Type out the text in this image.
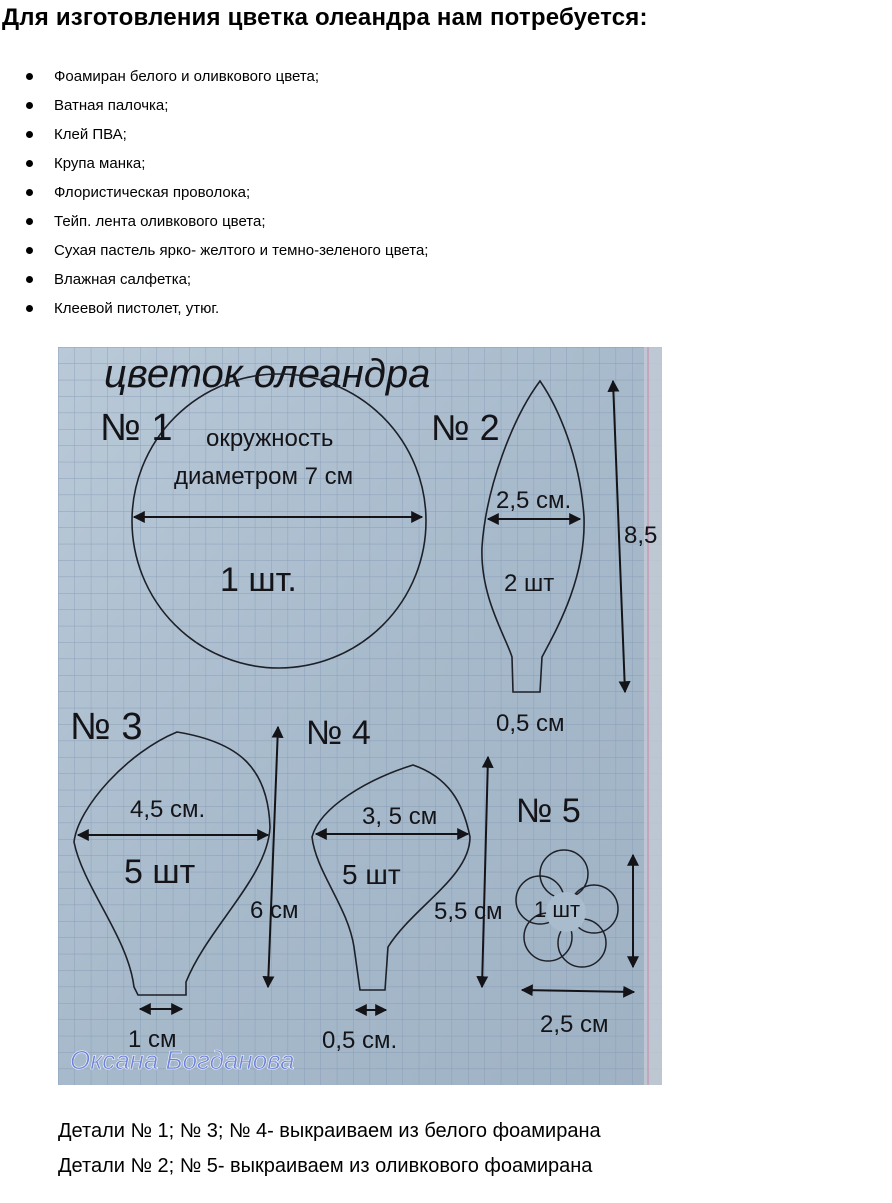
Для изготовления цветка олеандра нам потребуется:
Фоамиран белого и оливкового цвета;
Ватная палочка;
Клей ПВА;
Крупа манка;
Флористическая проволока;
Тейп. лента оливкового цвета;
Сухая пастель ярко- желтого и темно-зеленого цвета;
Влажная салфетка;
Клеевой пистолет, утюг.
цветок олеандра
№ 1 окружность
диаметром 7 см
1 шт.
№ 2
2,5 см.
2 шт
8,5
0,5 см
№ 3
4,5 см.
5 шт
6 см
1 см
№ 4
3, 5 см
5 шт
5,5 см
0,5 см.
№ 5
1 шт
2,5 см
Оксана Богданова

Детали № 1; № 3; № 4- выкраиваем из белого фоамирана

Детали № 2; № 5- выкраиваем из оливкового фоамирана
